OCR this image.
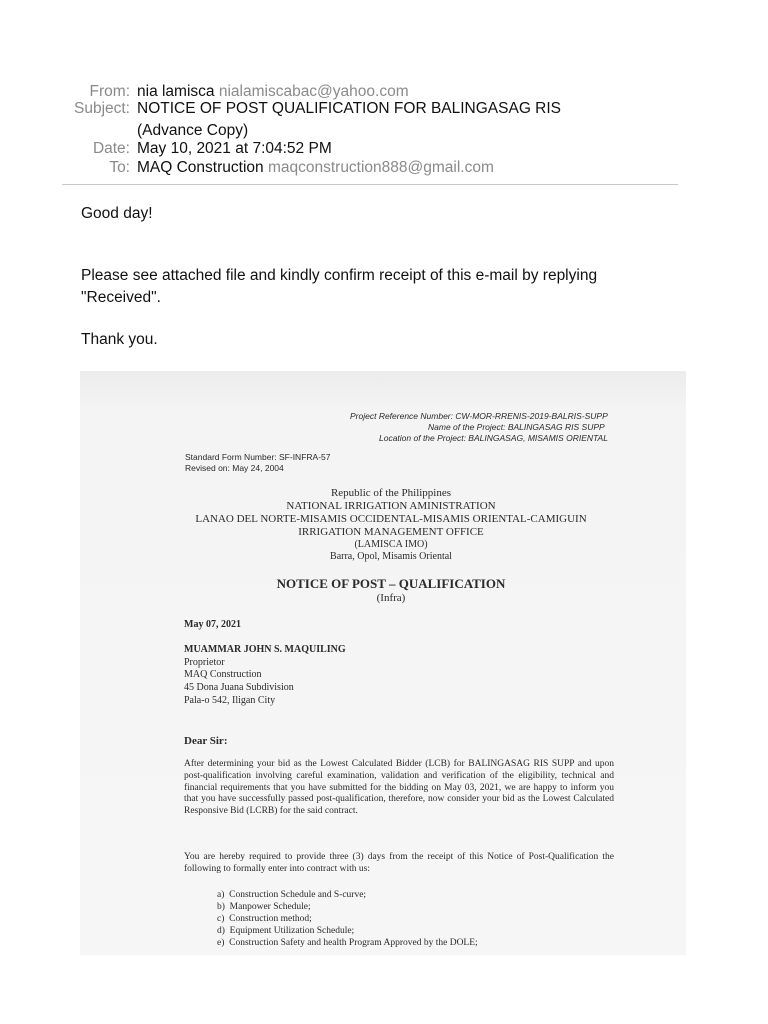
From: nia lamisca nialamiscabac@yahoo.com
Subject: NOTICE OF POST QUALIFICATION FOR BALINGASAG RIS
(Advance Copy)
Date: May 10, 2021 at 7:04:52 PM
To: MAQ Construction maqconstruction888@gmail.com
Good day!
Please see attached file and kindly confirm receipt of this e-mail by replying
"Received".
Thank you.
Project Reference Number: CW-MOR-RRENIS-2019-BALRIS-SUPP
Name of the Project: BALINGASAG RIS SUPP
Location of the Project: BALINGASAG, MISAMIS ORIENTAL
Standard Form Number: SF-INFRA-57
Revised on: May 24, 2004
Republic of the Philippines
NATIONAL IRRIGATION AMINISTRATION
LANAO DEL NORTE-MISAMIS OCCIDENTAL-MISAMIS ORIENTAL-CAMIGUIN
IRRIGATION MANAGEMENT OFFICE
(LAMISCA IMO)
Barra, Opol, Misamis Oriental
NOTICE OF POST – QUALIFICATION
(Infra)
May 07, 2021
MUAMMAR JOHN S. MAQUILING
Proprietor
MAQ Construction
45 Dona Juana Subdivision
Pala-o 542, Iligan City
Dear Sir:
After determining your bid as the Lowest Calculated Bidder (LCB) for BALINGASAG RIS SUPP and upon post-qualification involving careful examination, validation and verification of the eligibility, technical and financial requirements that you have submitted for the bidding on May 03, 2021, we are happy to inform you that you have successfully passed post-qualification, therefore, now consider your bid as the Lowest Calculated Responsive Bid (LCRB) for the said contract.
You are hereby required to provide three (3) days from the receipt of this Notice of Post-Qualification the following to formally enter into contract with us:
a) Construction Schedule and S-curve;
b) Manpower Schedule;
c) Construction method;
d) Equipment Utilization Schedule;
e) Construction Safety and health Program Approved by the DOLE;
